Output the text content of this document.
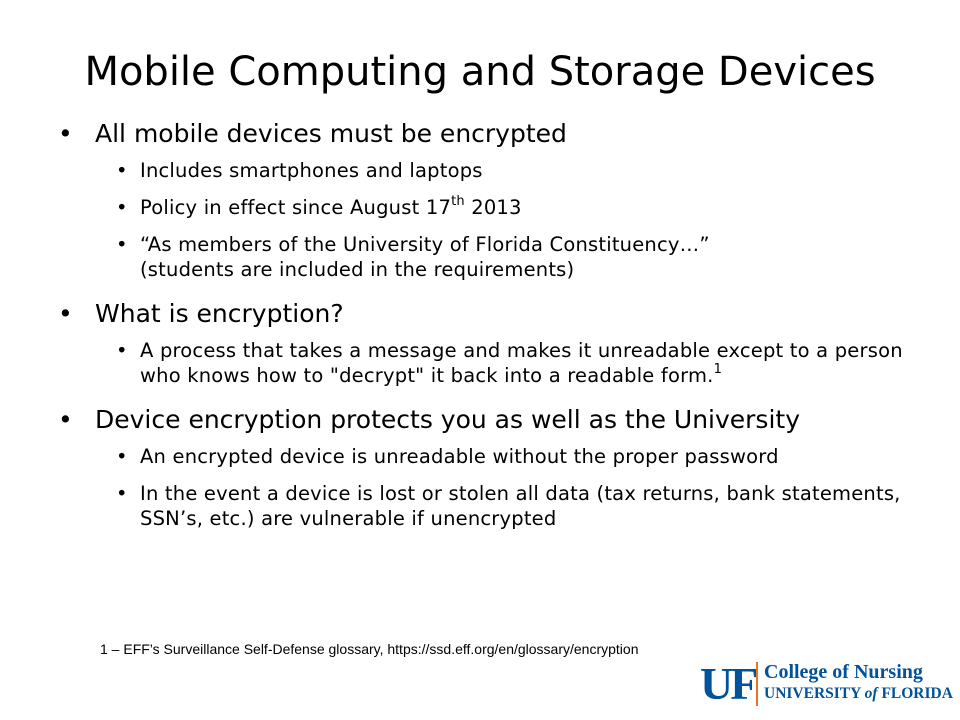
Mobile Computing and Storage Devices
• All mobile devices must be encrypted
• Includes smartphones and laptops
• Policy in effect since August 17th 2013
• “As members of the University of Florida Constituency…”
(students are included in the requirements)
• What is encryption?
• A process that takes a message and makes it unreadable except to a person who knows how to "decrypt" it back into a readable form.$^1$
• Device encryption protects you as well as the University
• An encrypted device is unreadable without the proper password
• In the event a device is lost or stolen all data (tax returns, bank statements, SSN’s, etc.) are vulnerable if unencrypted
1 – EFF’s Surveillance Self-Defense glossary, https://ssd.eff.org/en/glossary/encryption
UF College of Nursing
UNIVERSITY of FLORIDA
